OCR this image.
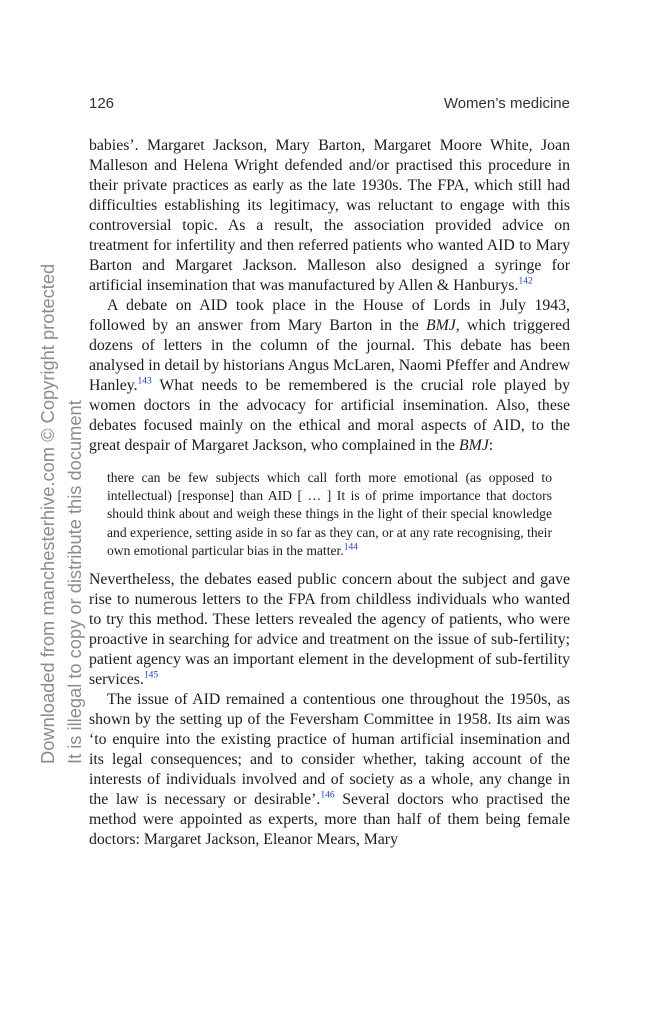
126	Women’s medicine
Downloaded from manchesterhive.com © Copyright protected It is illegal to copy or distribute this document

babies’. Margaret Jackson, Mary Barton, Margaret Moore White, Joan Malleson and Helena Wright defended and/or practised this procedure in their private practices as early as the late 1930s. The FPA, which still had difficulties establishing its legitimacy, was reluctant to engage with this controversial topic. As a result, the association provided advice on treatment for infertility and then referred patients who wanted AID to Mary Barton and Margaret Jackson. Malleson also designed a syringe for artificial insemination that was manufactured by Allen & Hanburys.$^{142}$

A debate on AID took place in the House of Lords in July 1943, followed by an answer from Mary Barton in the BMJ, which triggered dozens of letters in the column of the journal. This debate has been analysed in detail by historians Angus McLaren, Naomi Pfeffer and Andrew Hanley.$^{143}$ What needs to be remembered is the crucial role played by women doctors in the advocacy for artificial insemination. Also, these debates focused mainly on the ethical and moral aspects of AID, to the great despair of Margaret Jackson, who complained in the BMJ:

there can be few subjects which call forth more emotional (as opposed to intellectual) [response] than AID [ … ] It is of prime importance that doctors should think about and weigh these things in the light of their special knowledge and experience, setting aside in so far as they can, or at any rate recognising, their own emotional particular bias in the matter.$^{144}$

Nevertheless, the debates eased public concern about the subject and gave rise to numerous letters to the FPA from childless individuals who wanted to try this method. These letters revealed the agency of patients, who were proactive in searching for advice and treatment on the issue of sub-fertility; patient agency was an important element in the development of sub-fertility services.$^{145}$

The issue of AID remained a contentious one throughout the 1950s, as shown by the setting up of the Feversham Committee in 1958. Its aim was ‘to enquire into the existing practice of human artificial insemination and its legal consequences; and to consider whether, taking account of the interests of individuals involved and of society as a whole, any change in the law is necessary or desirable’.$^{146}$ Several doctors who practised the method were appointed as experts, more than half of them being female doctors: Margaret Jackson, Eleanor Mears, Mary
